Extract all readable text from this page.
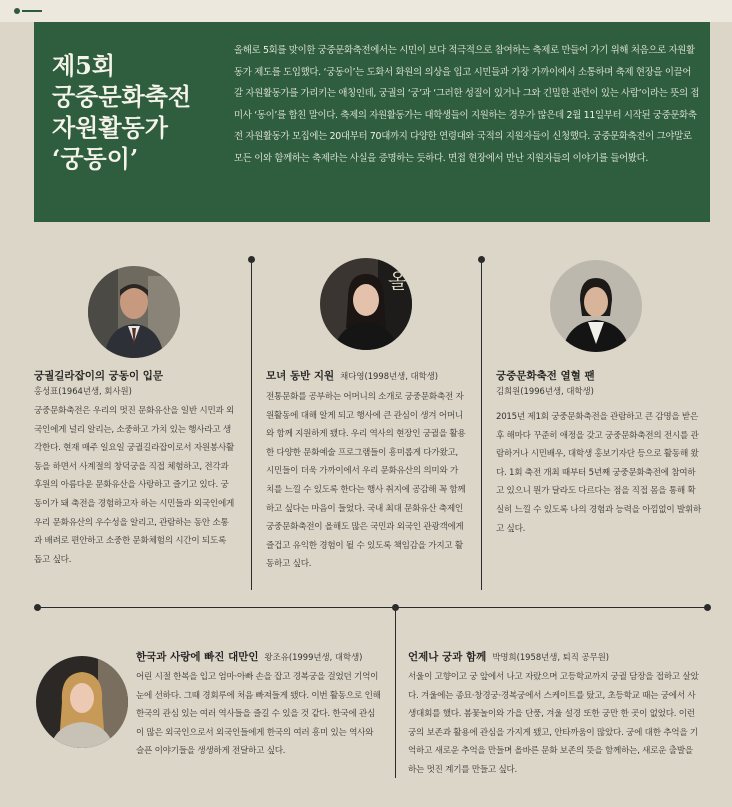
제5회
궁중문화축전
자원활동가
‘궁동이’
올해로 5회를 맞이한 궁중문화축전에서는 시민이 보다 적극적으로 참여하는 축제로 만들어 가기 위해 처음으로 자원활동가 제도를 도입했다. ‘궁동이’는 도화서 화원의 의상을 입고 시민들과 가장 가까이에서 소통하며 축제 현장을 이끌어 갈 자원활동가를 가리키는 애칭인데, 궁궐의 ‘궁’과 ‘그러한 성질이 있거나 그와 긴밀한 관련이 있는 사람’이라는 뜻의 접미사 ‘동이’를 합친 말이다. 축제의 자원활동가는 대학생들이 지원하는 경우가 많은데 2월 11일부터 시작된 궁중문화축전 자원활동가 모집에는 20대부터 70대까지 다양한 연령대와 국적의 지원자들이 신청했다. 궁중문화축전이 그야말로 모든 이와 함께하는 축제라는 사실을 증명하는 듯하다. 면접 현장에서 만난 지원자들의 이야기를 들어봤다.
올
궁궐길라잡이의 궁동이 입문
홍성표(1964년생, 회사원)
궁중문화축전은 우리의 멋진 문화유산을 일반 시민과 외국인에게 널리 알리는, 소중하고 가치 있는 행사라고 생각한다. 현재 매주 일요일 궁궐길라잡이로서 자원봉사활동을 하면서 사계절의 창덕궁을 직접 체험하고, 전각과 후원의 아름다운 문화유산을 사랑하고 즐기고 있다. 궁동이가 돼 축전을 경험하고자 하는 시민들과 외국인에게 우리 문화유산의 우수성을 알리고, 관람하는 동안 소통과 배려로 편안하고 소중한 문화체험의 시간이 되도록 돕고 싶다.
모녀 동반 지원 채다영(1998년생, 대학생)
전통문화를 공부하는 어머니의 소개로 궁중문화축전 자원활동에 대해 알게 되고 행사에 큰 관심이 생겨 어머니와 함께 지원하게 됐다. 우리 역사의 현장인 궁궐을 활용한 다양한 문화예술 프로그램들이 흥미롭게 다가왔고, 시민들이 더욱 가까이에서 우리 문화유산의 의미와 가치를 느낄 수 있도록 한다는 행사 취지에 공감해 꼭 함께하고 싶다는 마음이 들었다. 국내 최대 문화유산 축제인 궁중문화축전이 올해도 많은 국민과 외국인 관광객에게 즐겁고 유익한 경험이 될 수 있도록 책임감을 가지고 활동하고 싶다.
궁중문화축전 열혈 팬
김희원(1996년생, 대학생)
2015년 제1회 궁중문화축전을 관람하고 큰 감명을 받은 후 해마다 꾸준히 애정을 갖고 궁중문화축전의 전시를 관람하거나 시민배우, 대학생 홍보기자단 등으로 활동해 왔다. 1회 축전 개최 때부터 5년째 궁중문화축전에 참여하고 있으니 뭔가 달라도 다르다는 점을 직접 몸을 통해 확실히 느낄 수 있도록 나의 경험과 능력을 아낌없이 발휘하고 싶다.
한국과 사랑에 빠진 대만인 왕조유(1999년생, 대학생)
어린 시절 한복을 입고 엄마·아빠 손을 잡고 경복궁을 걸었던 기억이 눈에 선하다. 그때 경회루에 처음 빠져들게 됐다. 이번 활동으로 인해 한국의 관심 있는 여러 역사들을 즐길 수 있을 것 같다. 한국에 관심이 많은 외국인으로서 외국인들에게 한국의 여러 흥미 있는 역사와 슬픈 이야기들을 생생하게 전달하고 싶다.
언제나 궁과 함께 박명희(1958년생, 퇴직 공무원)
서울이 고향이고 궁 앞에서 나고 자랐으며 고등학교까지 궁궐 담장을 접하고 살았다. 겨울에는 종묘·창경궁·경복궁에서 스케이트를 탔고, 초등학교 때는 궁에서 사생대회를 했다. 봄꽃놀이와 가을 단풍, 겨울 설경 또한 궁만 한 곳이 없었다. 이런 궁의 보존과 활용에 관심을 가지게 됐고, 안타까움이 많았다. 궁에 대한 추억을 기억하고 새로운 추억을 만들며 올바른 문화 보존의 뜻을 함께하는, 새로운 출발을 하는 멋진 계기를 만들고 싶다.
